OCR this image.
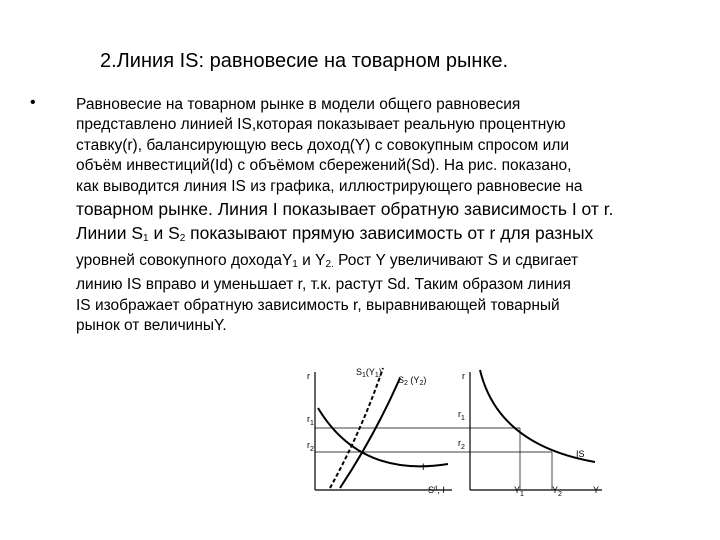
2.Линия IS: равновесие на товарном рынке.
•	Равновесие на товарном рынке в модели общего равновесия
представлено линией IS,которая показывает реальную процентную
ставку(r), балансирующую весь доход(Y) с совокупным спросом или
объём инвестиций(Id) с объёмом сбережений(Sd). На рис. показано,
как выводится линия IS из графика, иллюстрирующего равновесие на
товарном рынке. Линия I показывает обратную зависимость I от r.
Линии $S_1$ и $S_2$ показывают прямую зависимость от r для разных
уровней совокупного доходаY$_1$ и $Y_{2.}$ Рост Y увеличивают S и сдвигает
линию IS вправо и уменьшает r, т.к. растут Sd. Таким образом линия
IS изображает обратную зависимость r, выравнивающей товарный
рынок от величиныY.
r
$r_1$
$r_2$
$S_1(Y_1)$
$S_2$ $(Y_2)$
I
$S^d$, I
r
$r_1$
$r_2$
IS
$Y_1$	$Y_2$	Y
